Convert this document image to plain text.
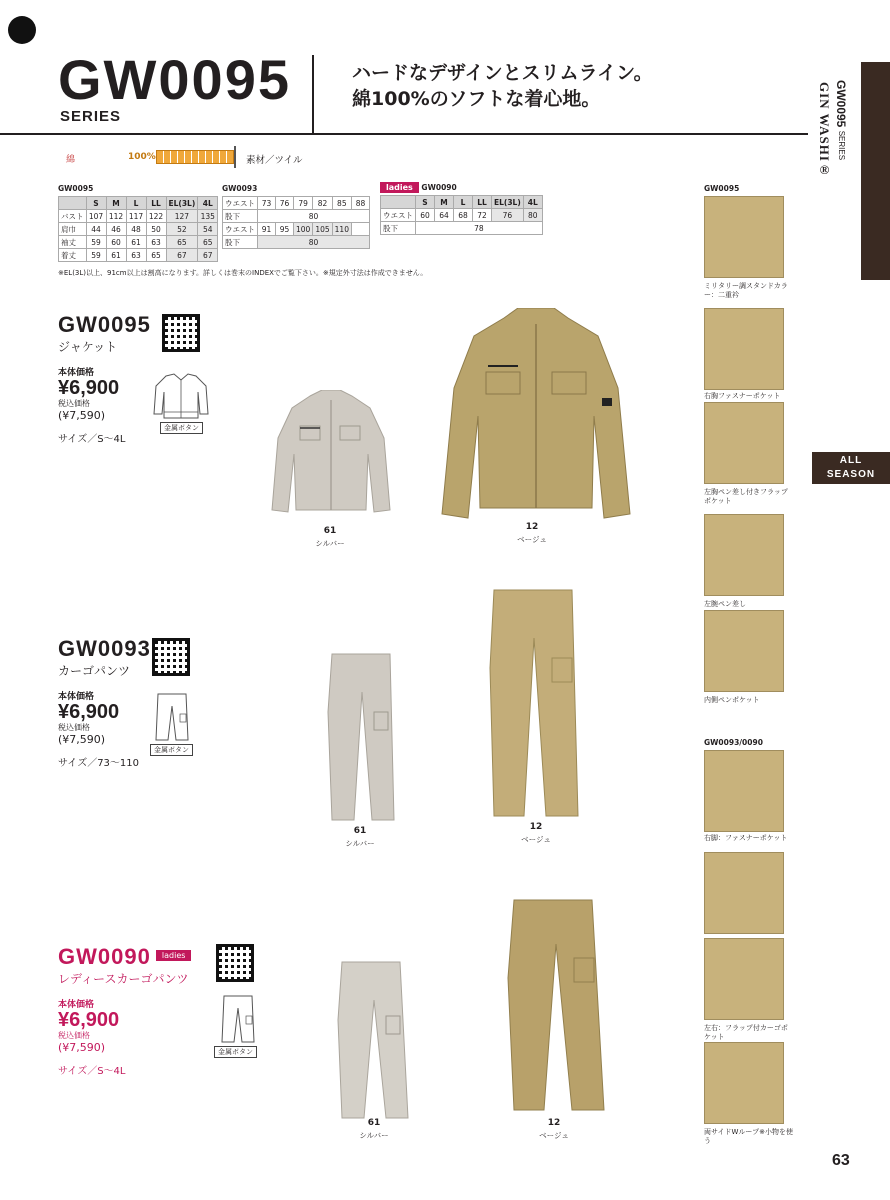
GW0095
SERIES
ハードなデザインとスリムライン。
綿100%のソフトな着心地。	GIN WASHI®
GW0095 SERIES
綿	100%	素材／ツイル
GW0095
	S	M	L	LL	EL(3L)	4L
バスト	107	112	117	122	127	135
肩巾	44	46	48	50	52	54
袖丈	59	60	61	63	65	65
着丈	59	61	63	65	67	67
GW0093
ウエスト	73	76	79	82	85	88
股下	80					
ウエスト	91	95	100	105	110	
股下	80					
ladies GW0090
	S	M	L	LL	EL(3L)	4L
ウエスト	60	64	68	72	76	80
股下	78					
※EL(3L)以上、91cm以上は割高になります。詳しくは巻末のINDEXでご覧下さい。※規定外寸法は作成できません。
GW0095
ジャケット
本体価格
¥6,900
税込価格
(¥7,590)
サイズ／S～4L
金属ボタン
61
シルバー
12
ベージュ
GW0093
カーゴパンツ
本体価格
¥6,900
税込価格
(¥7,590)
サイズ／73～110
金属ボタン
61
シルバー
12
ベージュ
GW0090 ladies
レディースカーゴパンツ
本体価格
¥6,900
税込価格
(¥7,590)
サイズ／S～4L
金属ボタン
61
シルバー
12
ベージュ
GW0095
ミリタリー調スタンドカラー：二重衿
右胸ファスナーポケット
左胸ペン差し付きフラップポケット
左腕ペン差し
内側ペンポケット
GW0093/0090
右脚：ファスナーポケット
左右：フラップ付カーゴポケット
両サイドWループ※小物を使う
ALL
SEASON
63
